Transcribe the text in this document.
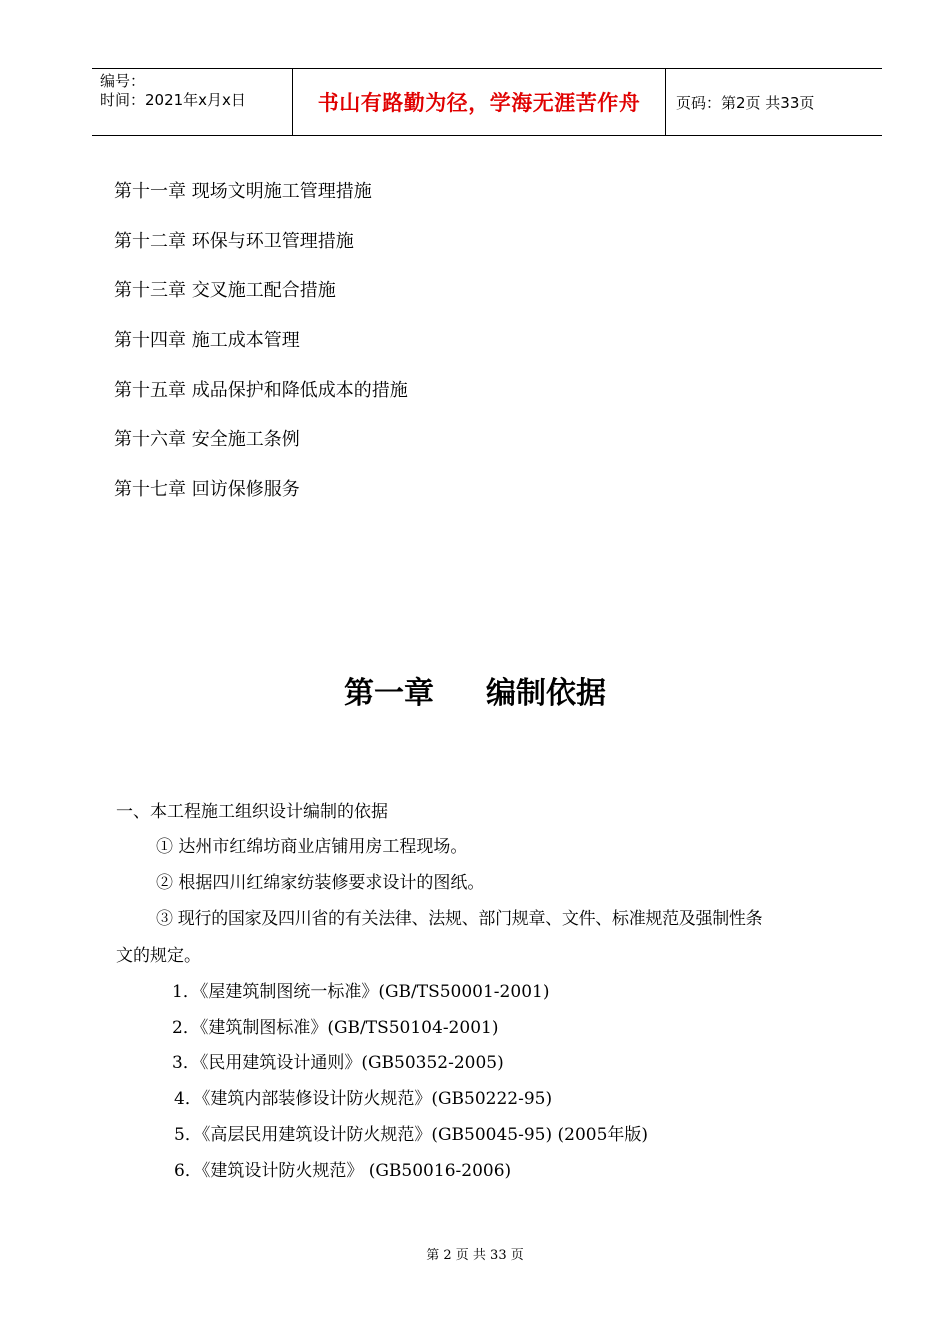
编号：
时间：2021年x月x日	书山有路勤为径，学海无涯苦作舟	页码：第2页 共33页
第十一章 现场文明施工管理措施
第十二章 环保与环卫管理措施
第十三章 交叉施工配合措施
第十四章 施工成本管理
第十五章 成品保护和降低成本的措施
第十六章 安全施工条例
第十七章 回访保修服务
第一章 编制依据
一、本工程施工组织设计编制的依据
① 达州市红绵坊商业店铺用房工程现场。
② 根据四川红绵家纺装修要求设计的图纸。
③ 现行的国家及四川省的有关法律、法规、部门规章、文件、标准规范及强制性条
文的规定。
1．《屋建筑制图统一标准》(GB/TS50001-2001)
2．《建筑制图标准》(GB/TS50104-2001)
3．《民用建筑设计通则》(GB50352-2005)
4．《建筑内部装修设计防火规范》(GB50222-95)
5．《高层民用建筑设计防火规范》(GB50045-95) (2005年版)
6．《建筑设计防火规范》 (GB50016-2006)
第 2 页 共 33 页
